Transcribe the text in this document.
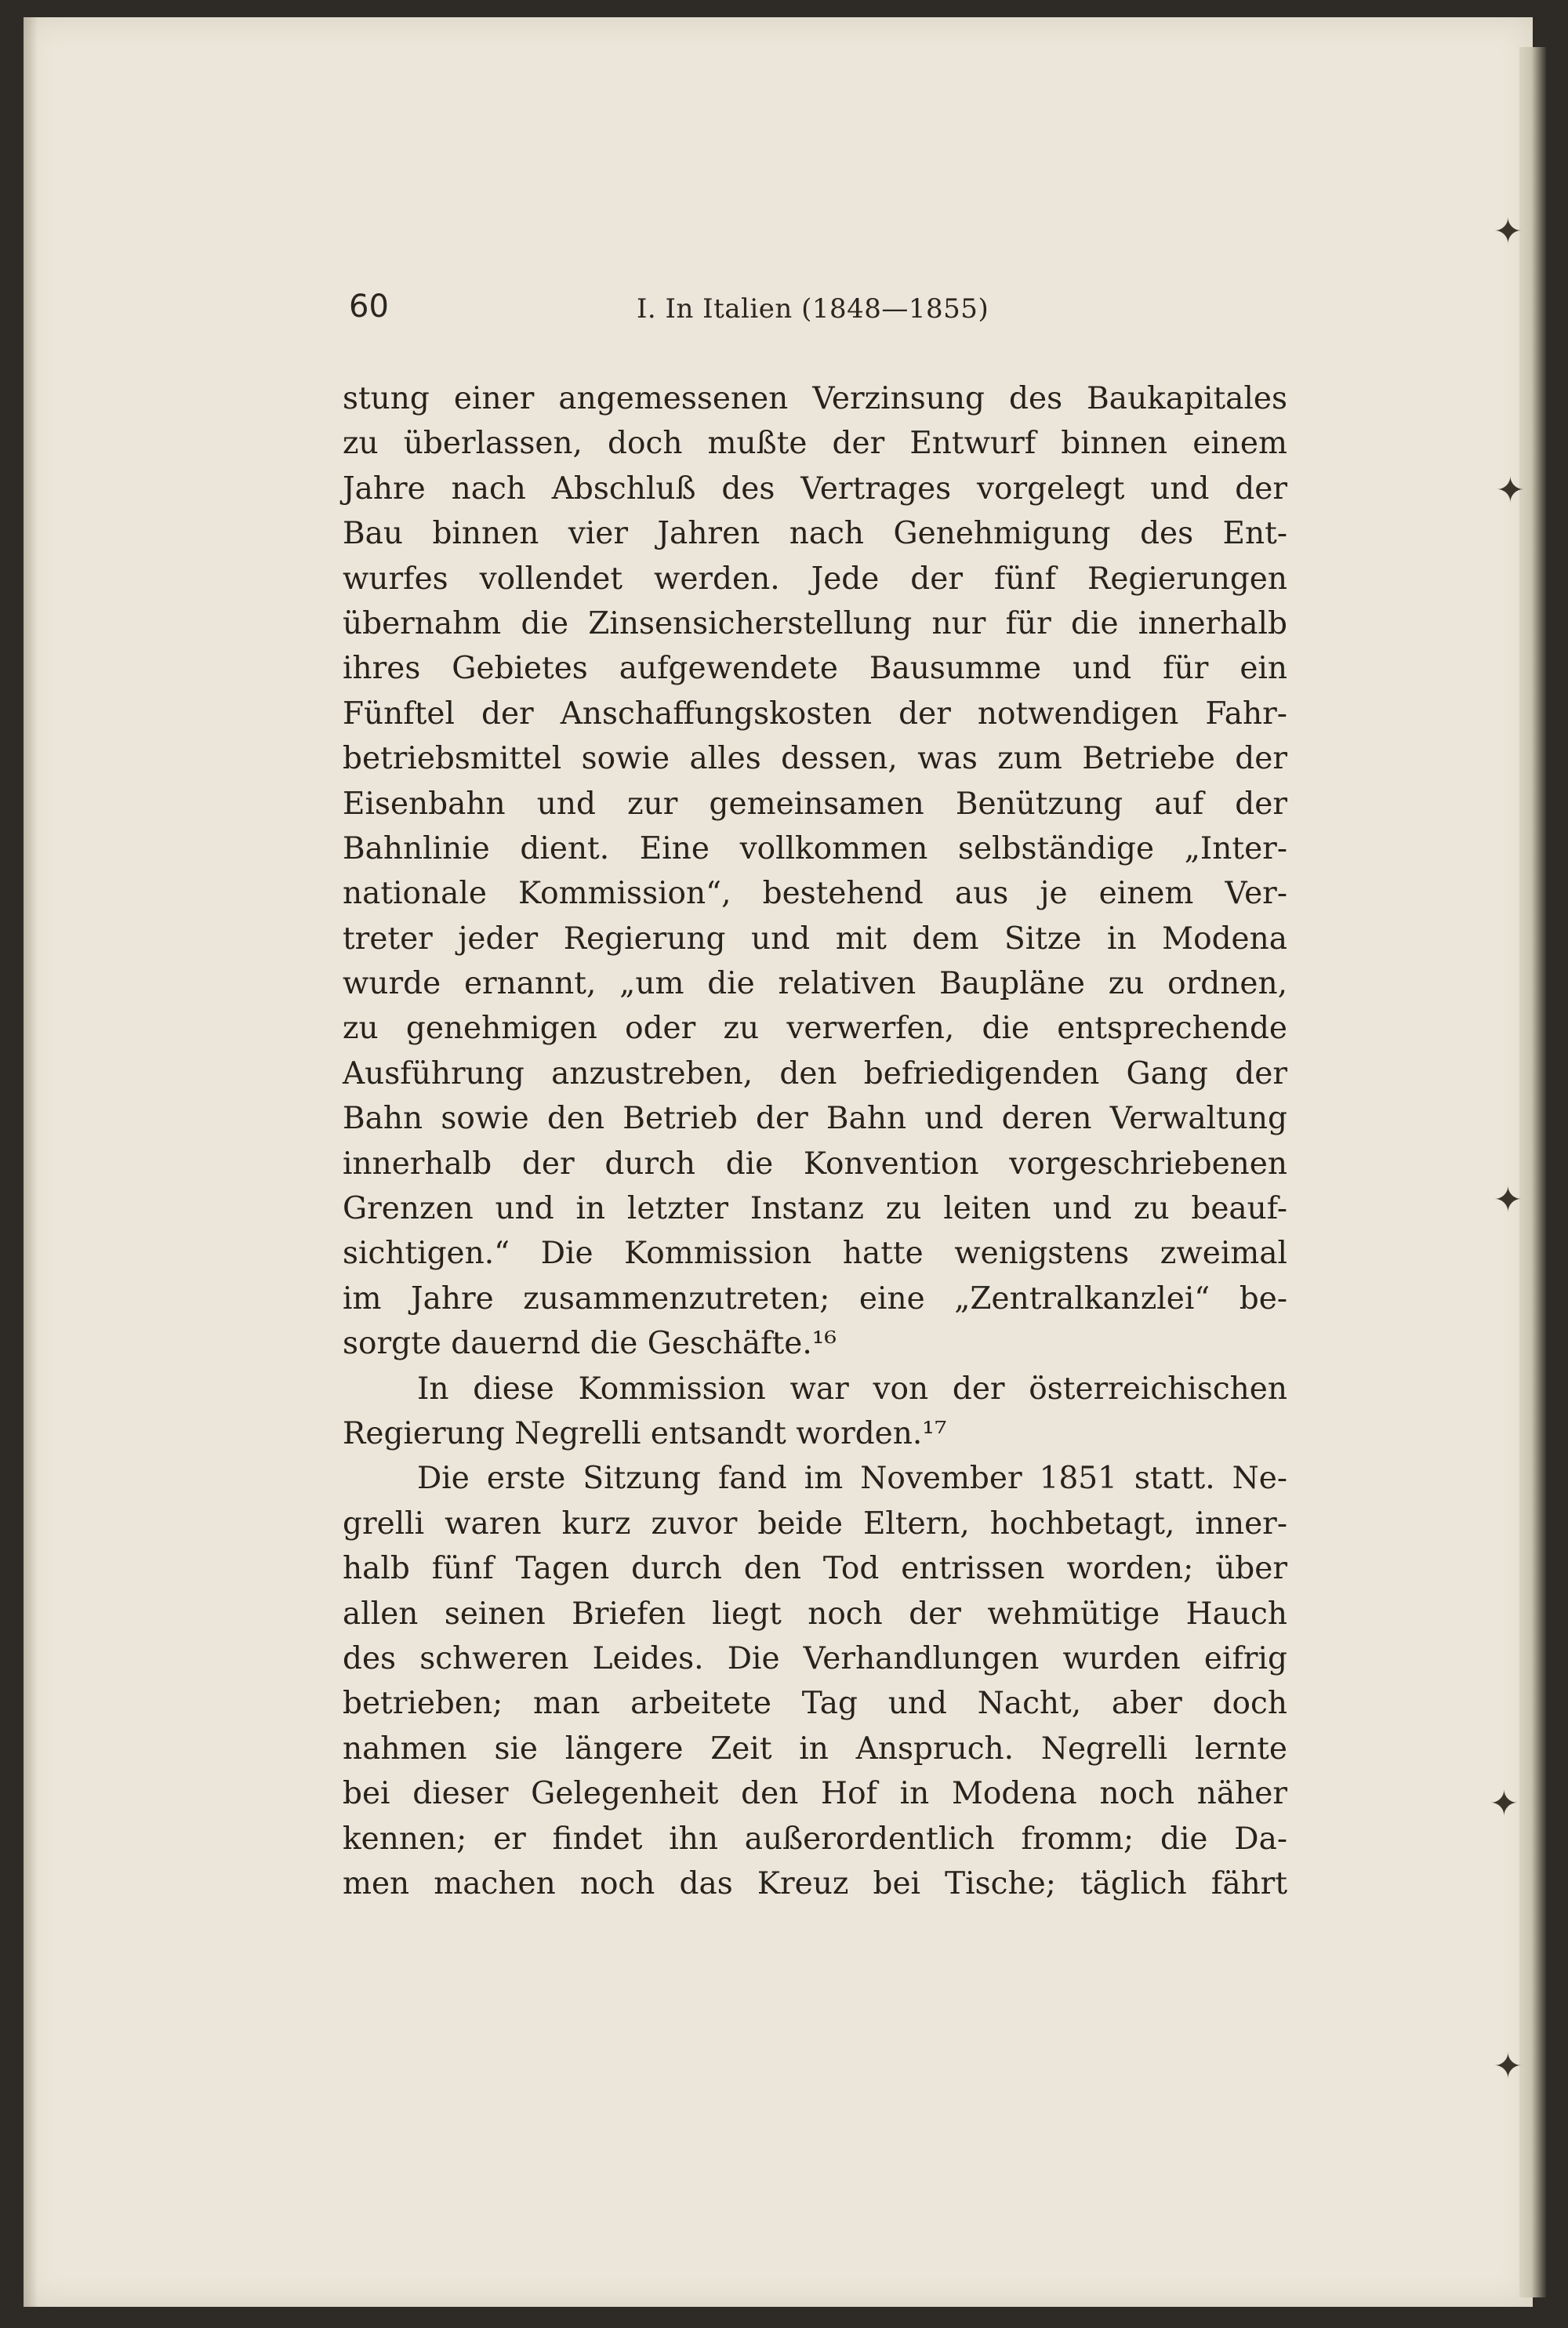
60	I. In Italien (1848—1855)
stung einer angemessenen Verzinsung des Baukapitales
zu überlassen, doch mußte der Entwurf binnen einem
Jahre nach Abschluß des Vertrages vorgelegt und der
Bau binnen vier Jahren nach Genehmigung des Ent-
wurfes vollendet werden. Jede der fünf Regierungen
übernahm die Zinsensicherstellung nur für die innerhalb
ihres Gebietes aufgewendete Bausumme und für ein
Fünftel der Anschaffungskosten der notwendigen Fahr-
betriebsmittel sowie alles dessen, was zum Betriebe der
Eisenbahn und zur gemeinsamen Benützung auf der
Bahnlinie dient. Eine vollkommen selbständige „Inter-
nationale Kommission“, bestehend aus je einem Ver-
treter jeder Regierung und mit dem Sitze in Modena
wurde ernannt, „um die relativen Baupläne zu ordnen,
zu genehmigen oder zu verwerfen, die entsprechende
Ausführung anzustreben, den befriedigenden Gang der
Bahn sowie den Betrieb der Bahn und deren Verwaltung
innerhalb der durch die Konvention vorgeschriebenen
Grenzen und in letzter Instanz zu leiten und zu beauf-
sichtigen.“ Die Kommission hatte wenigstens zweimal
im Jahre zusammenzutreten; eine „Zentralkanzlei“ be-
sorgte dauernd die Geschäfte.¹⁶
In diese Kommission war von der österreichischen
Regierung Negrelli entsandt worden.¹⁷
Die erste Sitzung fand im November 1851 statt. Ne-
grelli waren kurz zuvor beide Eltern, hochbetagt, inner-
halb fünf Tagen durch den Tod entrissen worden; über
allen seinen Briefen liegt noch der wehmütige Hauch
des schweren Leides. Die Verhandlungen wurden eifrig
betrieben; man arbeitete Tag und Nacht, aber doch
nahmen sie längere Zeit in Anspruch. Negrelli lernte
bei dieser Gelegenheit den Hof in Modena noch näher
kennen; er findet ihn außerordentlich fromm; die Da-
men machen noch das Kreuz bei Tische; täglich fährt
✦
✦
✦
✦
✦
